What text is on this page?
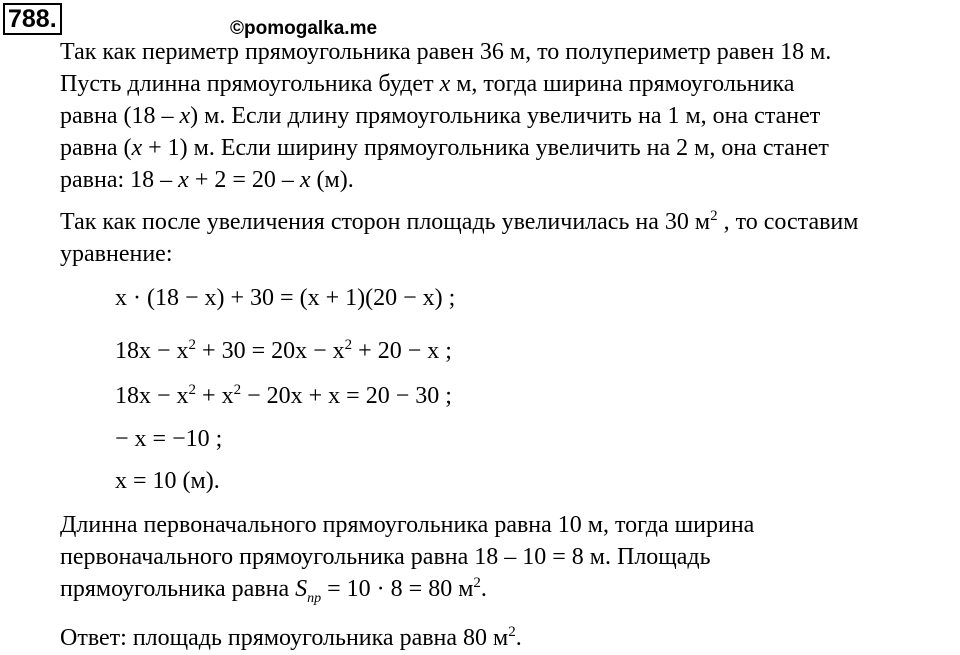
788.	©pomogalka.me
Так как периметр прямоугольника равен 36 м, то полупериметр равен 18 м.
Пусть длинна прямоугольника будет x м, тогда ширина прямоугольника
равна (18 – x) м. Если длину прямоугольника увеличить на 1 м, она станет
равна (x + 1) м. Если ширину прямоугольника увеличить на 2 м, она станет
равна: 18 – x + 2 = 20 – x (м).
Так как после увеличения сторон площадь увеличилась на 30 $м^2$ , то составим
уравнение:
x · (18 − x) + 30 = (x + 1)(20 − x) ;
$18x - x^2 + 30 = 20x - x^2 + 20 - x$ ;
$18x - x^2 + x^2 - 20x + x = 20 - 30$ ;
− x = −10 ;
x = 10 (м).
Длинна первоначального прямоугольника равна 10 м, тогда ширина
первоначального прямоугольника равна 18 – 10 = 8 м. Площадь
прямоугольника равна $S_{пр} = 10 \cdot 8 = 80$ $м^2$.
Ответ: площадь прямоугольника равна 80 $м^2$.
